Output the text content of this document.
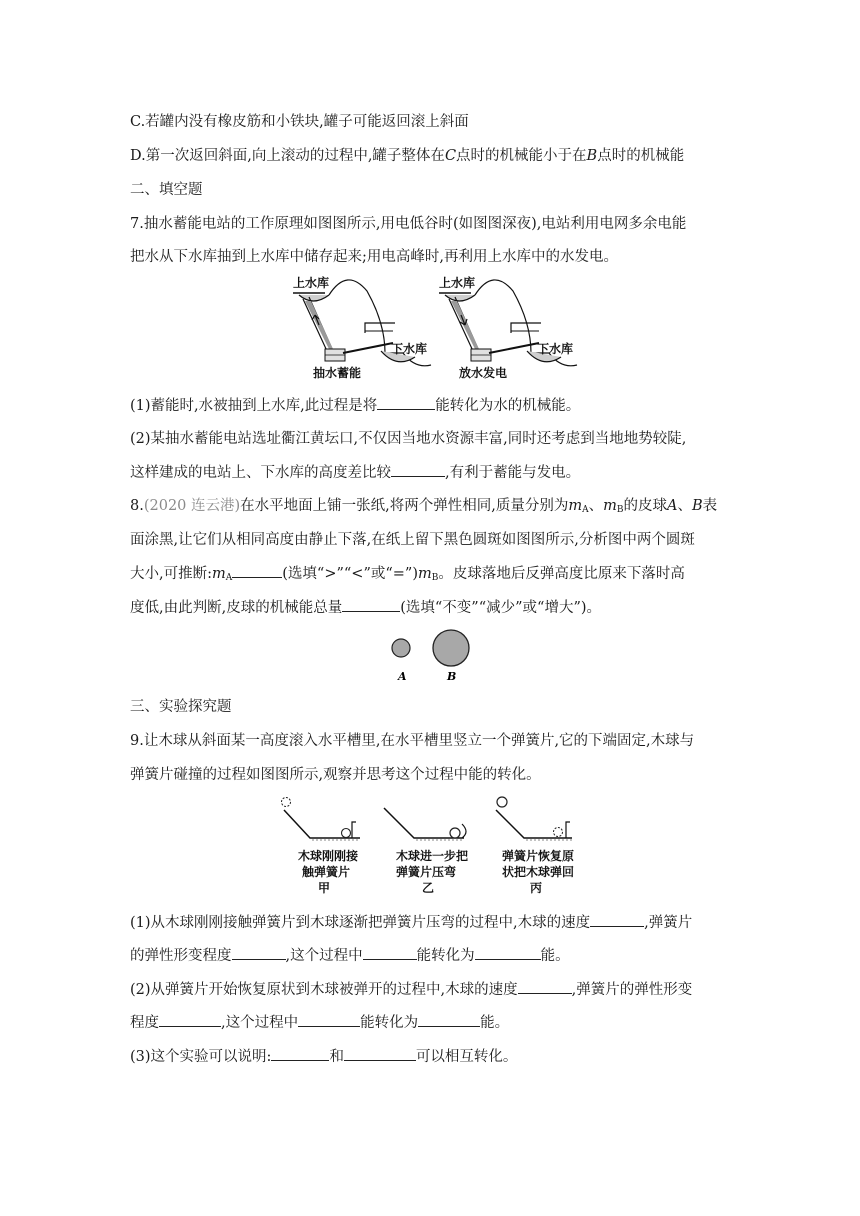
C.若罐内没有橡皮筋和小铁块,罐子可能返回滚上斜面
D.第一次返回斜面,向上滚动的过程中,罐子整体在C点时的机械能小于在B点时的机械能
二、填空题
7.抽水蓄能电站的工作原理如图图所示,用电低谷时(如图图深夜),电站利用电网多余电能
把水从下水库抽到上水库中储存起来;用电高峰时,再利用上水库中的水发电。
上水库
下水库
抽水蓄能
上水库
下水库
放水发电
(1)蓄能时,水被抽到上水库,此过程是将	能转化为水的机械能。
(2)某抽水蓄能电站选址衢江黄坛口,不仅因当地水资源丰富,同时还考虑到当地地势较陡,
这样建成的电站上、下水库的高度差比较	,有利于蓄能与发电。
8.(2020 连云港)在水平地面上铺一张纸,将两个弹性相同,质量分别为$m_A$、$m_B$的皮球A、B表
面涂黑,让它们从相同高度由静止下落,在纸上留下黑色圆斑如图图所示,分析图中两个圆斑
大小,可推断$:m_A$	(选填“>”“<”或“$=”)m_B$。皮球落地后反弹高度比原来下落时高
度低,由此判断,皮球的机械能总量	(选填“不变”“减少”或“增大”)。
A	B
三、实验探究题
9.让木球从斜面某一高度滚入水平槽里,在水平槽里竖立一个弹簧片,它的下端固定,木球与
弹簧片碰撞的过程如图图所示,观察并思考这个过程中能的转化。
木球刚刚接
触弹簧片
甲
木球进一步把
弹簧片压弯
乙
弹簧片恢复原
状把木球弹回
丙
(1)从木球刚刚接触弹簧片到木球逐渐把弹簧片压弯的过程中,木球的速度	,弹簧片
的弹性形变程度	,这个过程中	能转化为	能。
(2)从弹簧片开始恢复原状到木球被弹开的过程中,木球的速度	,弹簧片的弹性形变
程度	,这个过程中	能转化为	能。
(3)这个实验可以说明:	和	可以相互转化。
